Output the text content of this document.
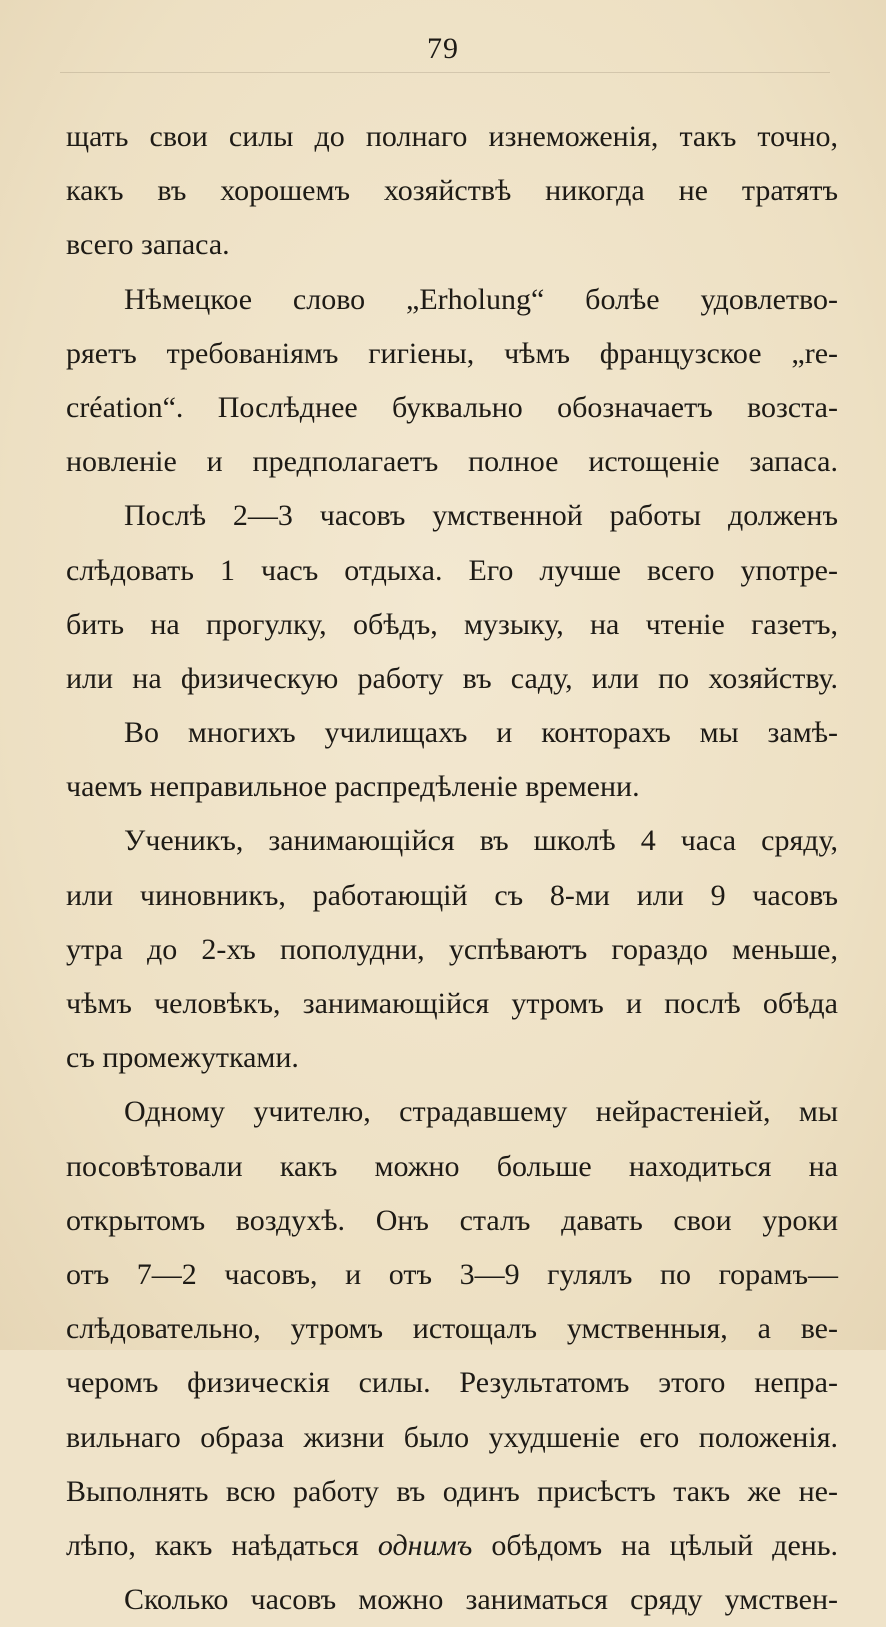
79
щать свои силы до полнаго изнеможенія, такъ точно,
какъ въ хорошемъ хозяйствѣ никогда не тратятъ
всего запаса.
Нѣмецкое слово „Erholung“ болѣе удовлетво-
ряетъ требованіямъ гигіены, чѣмъ французское „re-
création“. Послѣднее буквально обозначаетъ возста-
новленіе и предполагаетъ полное истощеніе запаса.
Послѣ 2—3 часовъ умственной работы долженъ
слѣдовать 1 часъ отдыха. Его лучше всего употре-
бить на прогулку, обѣдъ, музыку, на чтеніе газетъ,
или на физическую работу въ саду, или по хозяйству.
Во многихъ училищахъ и конторахъ мы замѣ-
чаемъ неправильное распредѣленіе времени.
Ученикъ, занимающійся въ школѣ 4 часа сряду,
или чиновникъ, работающій съ 8-ми или 9 часовъ
утра до 2-хъ пополудни, успѣваютъ гораздо меньше,
чѣмъ человѣкъ, занимающійся утромъ и послѣ обѣда
съ промежутками.
Одному учителю, страдавшему нейрастеніей, мы
посовѣтовали какъ можно больше находиться на
открытомъ воздухѣ. Онъ сталъ давать свои уроки
отъ 7—2 часовъ, и отъ 3—9 гулялъ по горамъ—
слѣдовательно, утромъ истощалъ умственныя, а ве-
черомъ физическія силы. Результатомъ этого непра-
вильнаго образа жизни было ухудшеніе его положенія.
Выполнять всю работу въ одинъ присѣстъ такъ же не-
лѣпо, какъ наѣдаться однимъ обѣдомъ на цѣлый день.
Сколько часовъ можно заниматься сряду умствен-
